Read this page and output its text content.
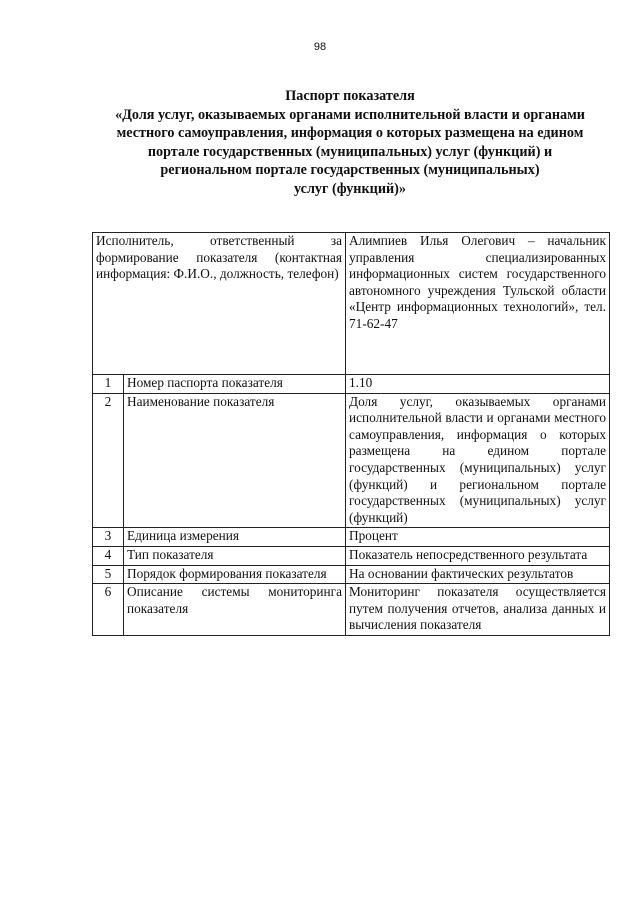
98
Паспорт показателя
«Доля услуг, оказываемых органами исполнительной власти и органами
местного самоуправления, информация о которых размещена на едином
портале государственных (муниципальных) услуг (функций) и
региональном портале государственных (муниципальных)
услуг (функций)»
Исполнитель, ответственный за формирование показателя (контактная информация: Ф.И.О., должность, телефон)		Алимпиев Илья Олегович – начальник управления специализированных информационных систем государственного автономного учреждения Тульской области «Центр информационных технологий», тел. 71-62-47
1	Номер паспорта показателя	1.10
2	Наименование показателя	Доля услуг, оказываемых органами исполнительной власти и органами местного самоуправления, информация о которых размещена на едином портале государственных (муниципальных) услуг (функций) и региональном портале государственных (муниципальных) услуг (функций)
3	Единица измерения	Процент
4	Тип показателя	Показатель непосредственного результата
5	Порядок формирования показателя	На основании фактических результатов
6	Описание системы мониторинга показателя	Мониторинг показателя осуществляется путем получения отчетов, анализа данных и вычисления показателя
